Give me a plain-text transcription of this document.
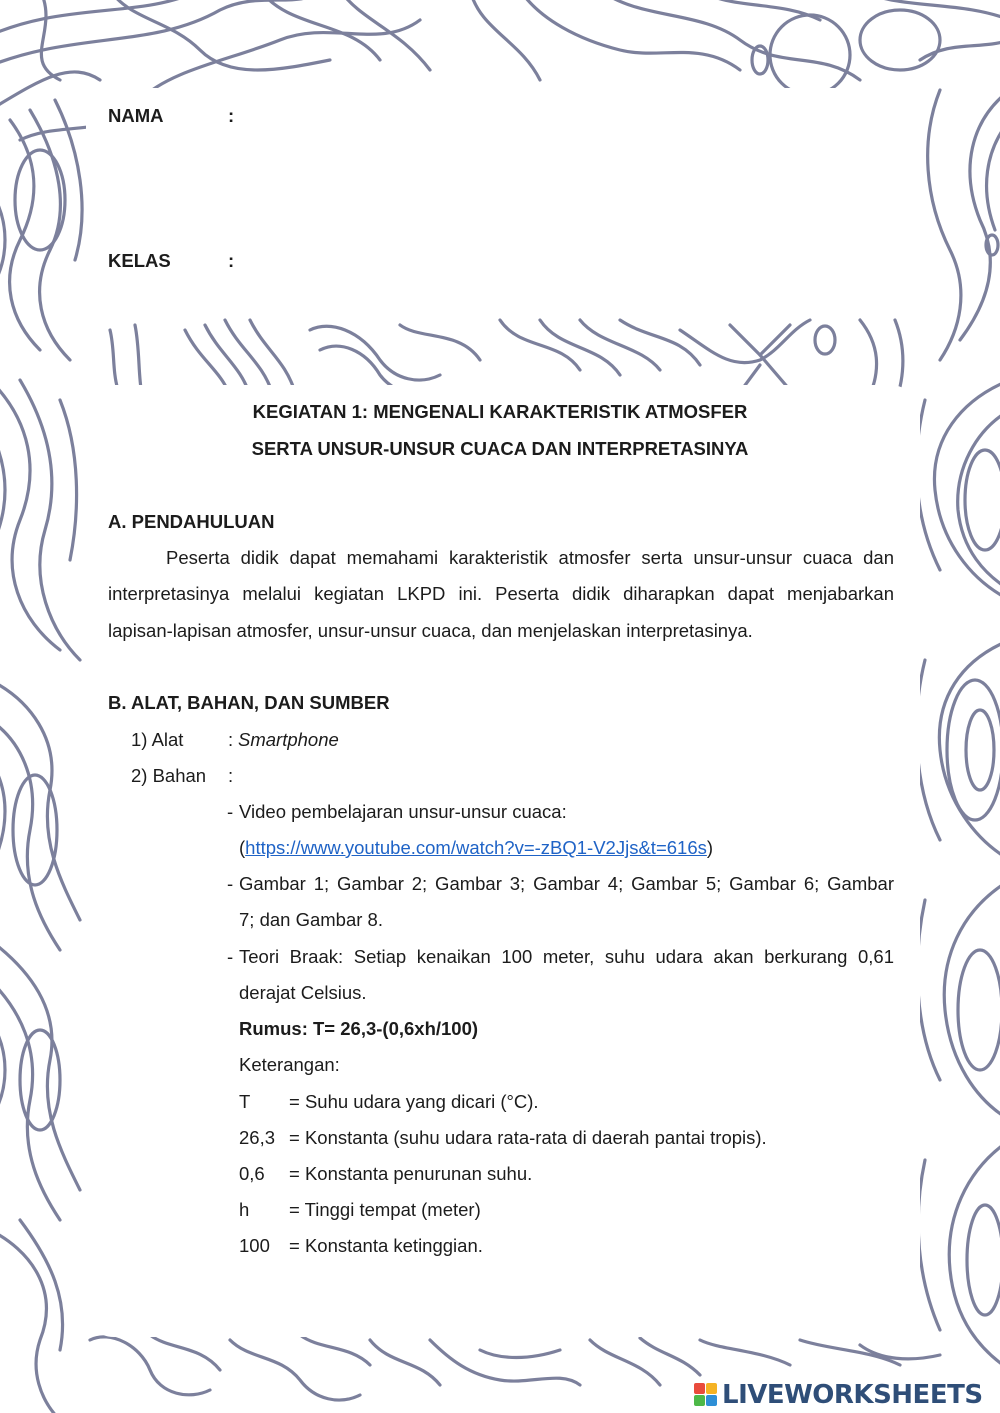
NAMA	:
KELAS	:
KEGIATAN 1: MENGENALI KARAKTERISTIK ATMOSFER
SERTA UNSUR-UNSUR CUACA DAN INTERPRETASINYA
A. PENDAHULUAN
Peserta didik dapat memahami karakteristik atmosfer serta unsur-unsur cuaca dan
interpretasinya melalui kegiatan LKPD ini. Peserta didik diharapkan dapat menjabarkan
lapisan-lapisan atmosfer, unsur-unsur cuaca, dan menjelaskan interpretasinya.
B. ALAT, BAHAN, DAN SUMBER
1) Alat : Smartphone
2) Bahan :
- Video pembelajaran unsur-unsur cuaca:
(https://www.youtube.com/watch?v=-zBQ1-V2Jjs&t=616s)
- Gambar 1; Gambar 2; Gambar 3; Gambar 4; Gambar 5; Gambar 6; Gambar
7; dan Gambar 8.
- Teori Braak: Setiap kenaikan 100 meter, suhu udara akan berkurang 0,61
derajat Celsius.
Rumus: T= 26,3-(0,6xh/100)
Keterangan:
T = Suhu udara yang dicari (°C).
26,3 = Konstanta (suhu udara rata-rata di daerah pantai tropis).
0,6 = Konstanta penurunan suhu.
h = Tinggi tempat (meter)
100 = Konstanta ketinggian.
LIVEWORKSHEETS
